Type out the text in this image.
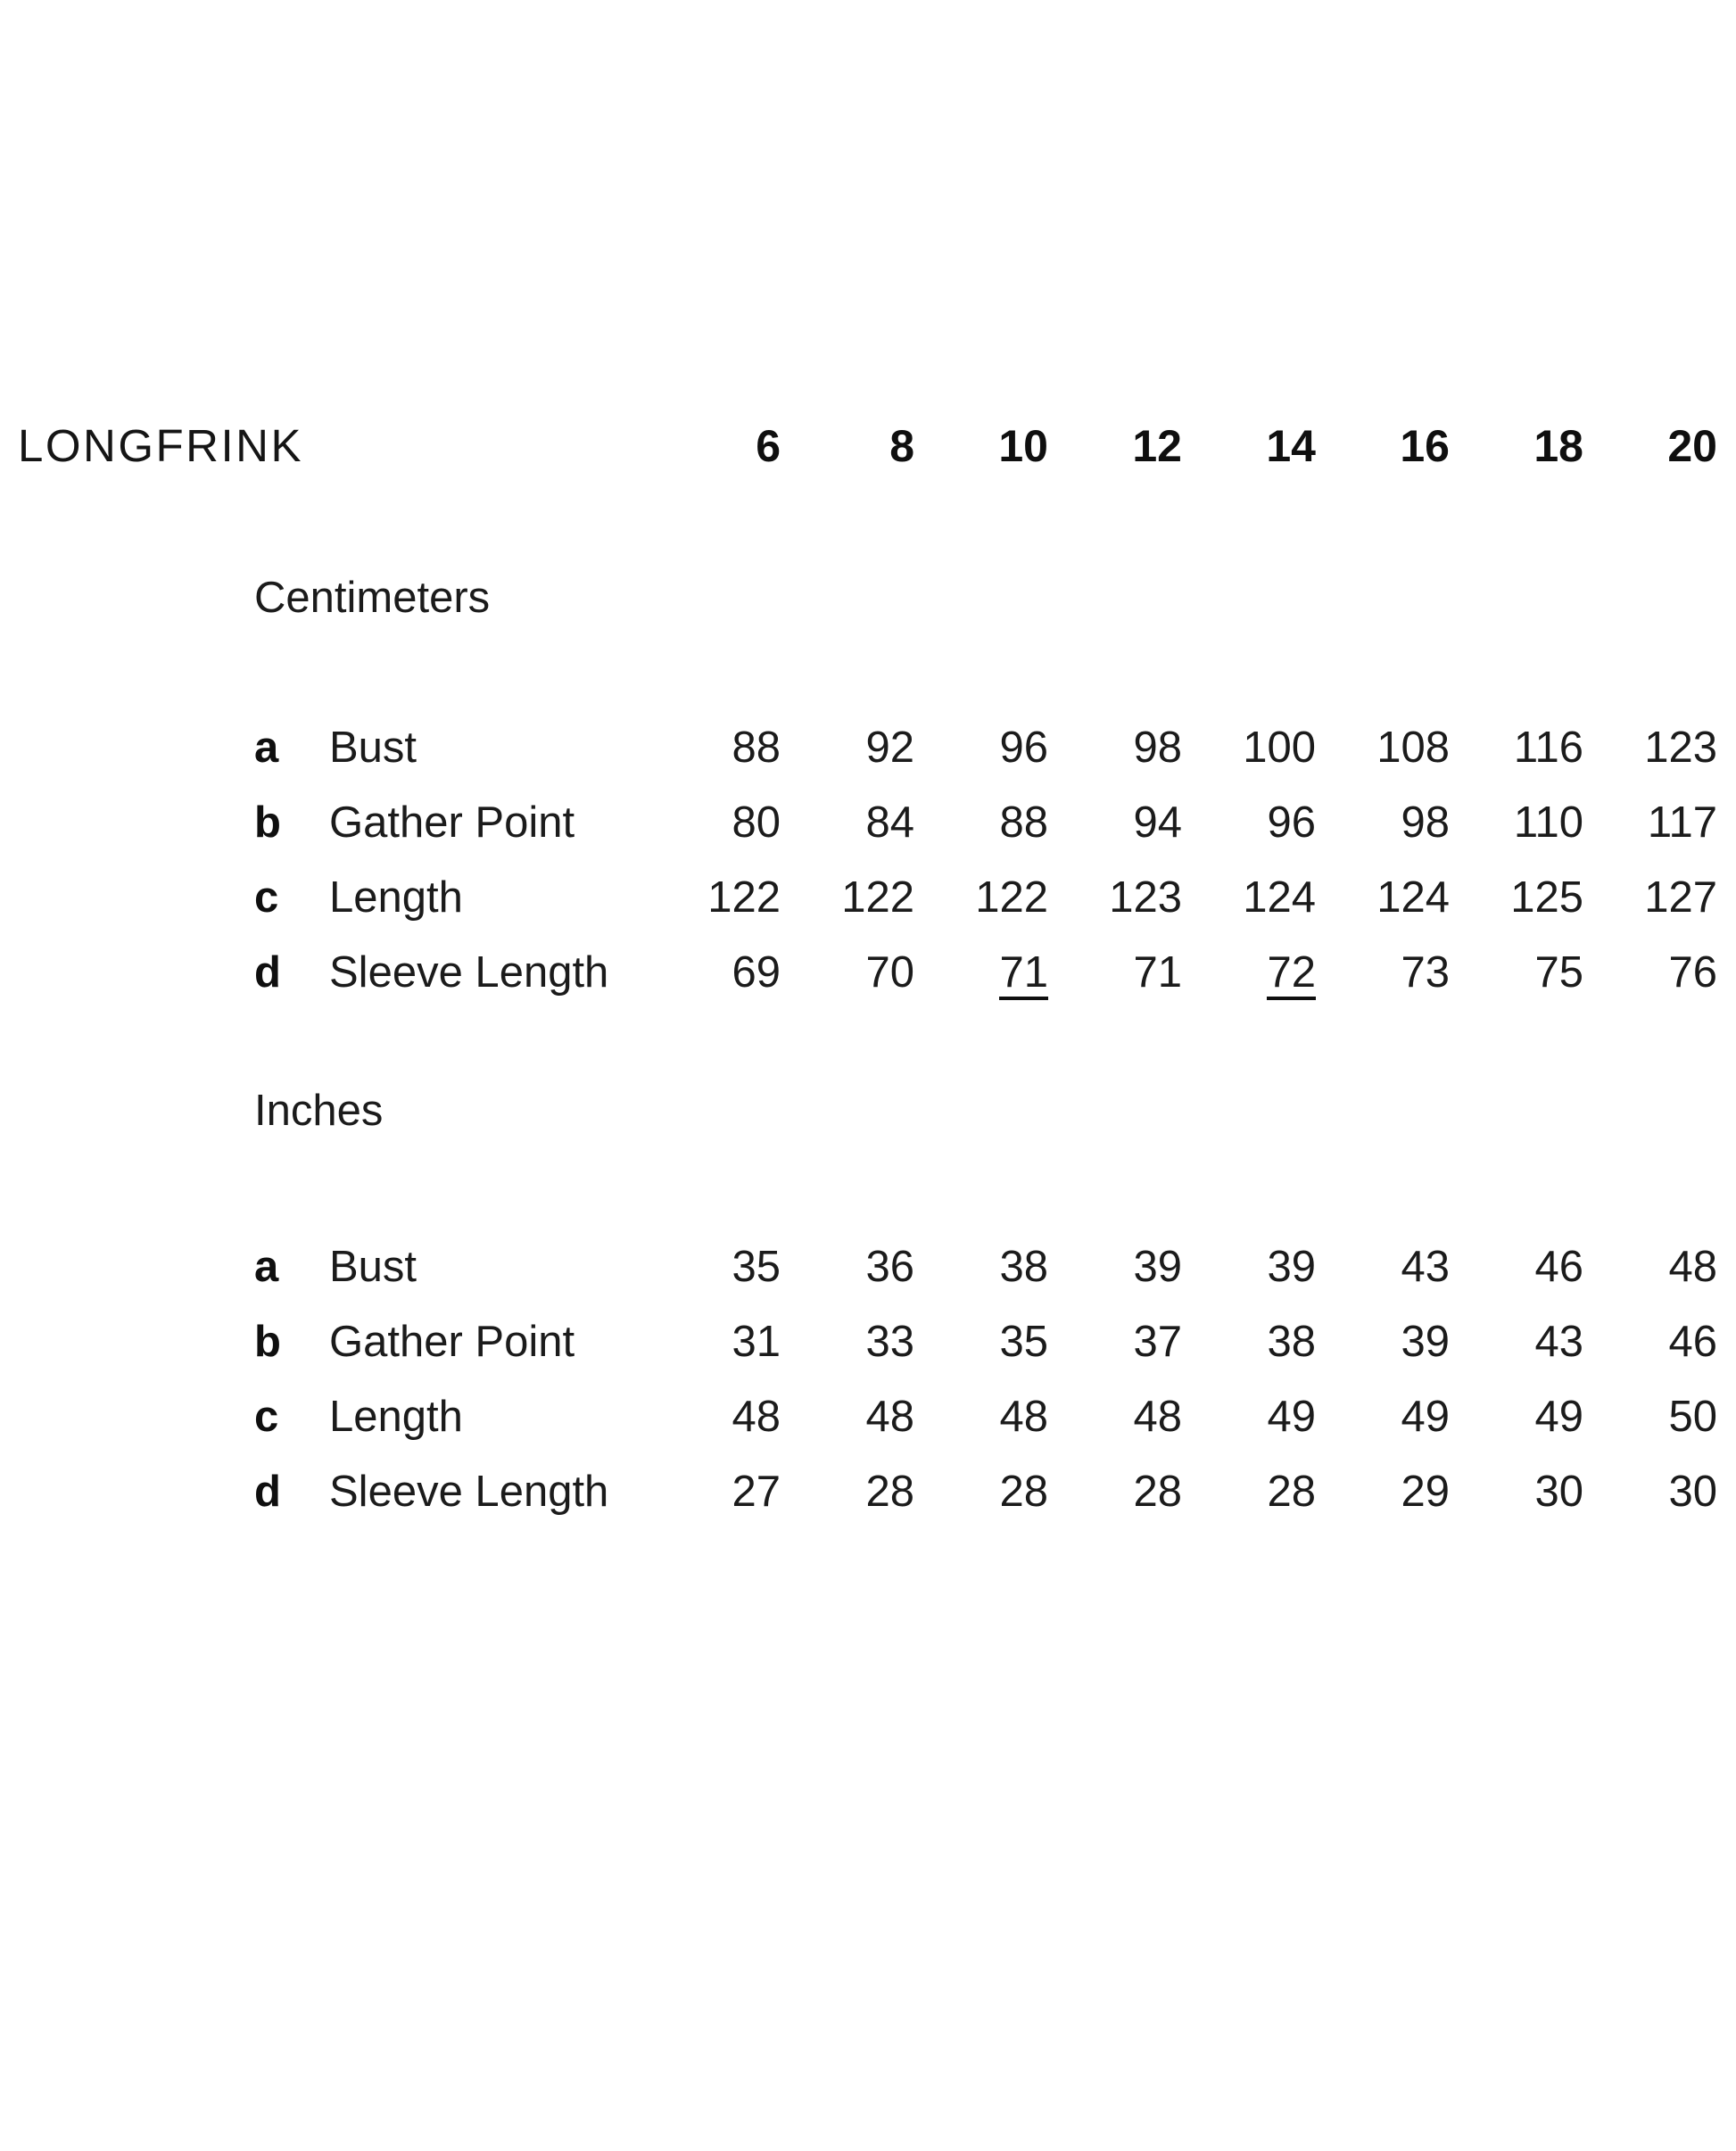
LONGFRINK	6	8	10	12	14	16	18	20
Centimeters
a Bust	88	92	96	98	100	108	116	123
b Gather Point	80	84	88	94	96	98	110	117
c Length	122	122	122	123	124	124	125	127
d Sleeve Length	69	70	71	71	72	73	75	76
Inches
a Bust	35	36	38	39	39	43	46	48
b Gather Point	31	33	35	37	38	39	43	46
c Length	48	48	48	48	49	49	49	50
d Sleeve Length	27	28	28	28	28	29	30	30
